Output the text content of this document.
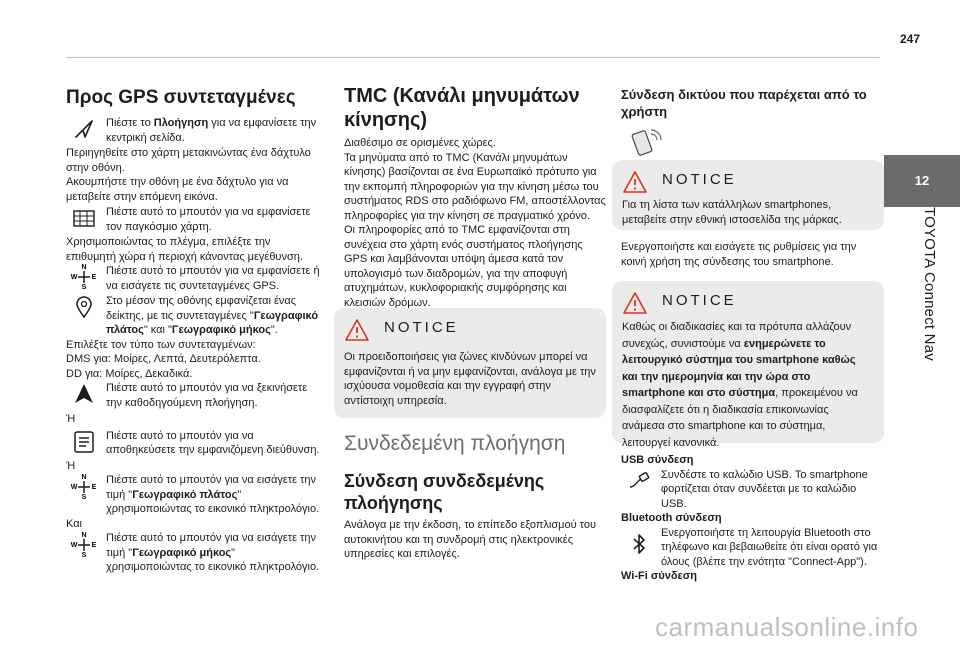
247
12
TOYOTA Connect Nav
Προς GPS συντεταγμένες

Πιέστε το Πλοήγηση για να εμφανίσετε την κεντρική σελίδα.

Περιηγηθείτε στο χάρτη μετακινώντας ένα δάχτυλο στην οθόνη.

Ακουμπήστε την οθόνη με ένα δάχτυλο για να μεταβείτε στην επόμενη εικόνα.

Πιέστε αυτό το μπουτόν για να εμφανίσετε τον παγκόσμιο χάρτη.

Χρησιμοποιώντας το πλέγμα, επιλέξτε την επιθυμητή χώρα ή περιοχή κάνοντας μεγέθυνση.

N
W E
S

Πιέστε αυτό το μπουτόν για να εμφανίσετε ή να εισάγετε τις συντεταγμένες GPS.

Στο μέσον της οθόνης εμφανίζεται ένας δείκτης, με τις συντεταγμένες "Γεωγραφικό πλάτος" και "Γεωγραφικό μήκος".

Επιλέξτε τον τύπο των συντεταγμένων:

DMS για: Μοίρες, Λεπτά, Δευτερόλεπτα.

DD για: Μοίρες, Δεκαδικά.

Πιέστε αυτό το μπουτόν για να ξεκινήσετε την καθοδηγούμενη πλοήγηση.

Ή

Πιέστε αυτό το μπουτόν για να αποθηκεύσετε την εμφανιζόμενη διεύθυνση.

Ή

N
W E
S

Πιέστε αυτό το μπουτόν για να εισάγετε την τιμή "Γεωγραφικό πλάτος" χρησιμοποιώντας το εικονικό πληκτρολόγιο.

Και

N
W E
S

Πιέστε αυτό το μπουτόν για να εισάγετε την τιμή "Γεωγραφικό μήκος" χρησιμοποιώντας το εικονικό πληκτρολόγιο.

TMC (Κανάλι μηνυμάτων κίνησης)

Διαθέσιμο σε ορισμένες χώρες.

Τα μηνύματα από το TMC (Κανάλι μηνυμάτων κίνησης) βασίζονται σε ένα Ευρωπαϊκό πρότυπο για την εκπομπή πληροφοριών για την κίνηση μέσω του συστήματος RDS στο ραδιόφωνο FM, αποστέλλοντας πληροφορίες για την κίνηση σε πραγματικό χρόνο.

Οι πληροφορίες από το TMC εμφανίζονται στη συνέχεια στο χάρτη ενός συστήματος πλοήγησης GPS και λαμβάνονται υπόψη άμεσα κατά τον υπολογισμό των διαδρομών, για την αποφυγή ατυχημάτων, κυκλοφοριακής συμφόρησης και κλεισιών δρόμων.

NOTICE

Οι προειδοποιήσεις για ζώνες κινδύνων μπορεί να εμφανίζονται ή να μην εμφανίζονται, ανάλογα με την ισχύουσα νομοθεσία και την εγγραφή στην αντίστοιχη υπηρεσία.

Συνδεδεμένη πλοήγηση
Σύνδεση συνδεδεμένης πλοήγησης

Ανάλογα με την έκδοση, το επίπεδο εξοπλισμού του αυτοκινήτου και τη συνδρομή στις ηλεκτρονικές υπηρεσίες και επιλογές.

Σύνδεση δικτύου που παρέχεται από το χρήστη
NOTICE

Για τη λίστα των κατάλληλων smartphones, μεταβείτε στην εθνική ιστοσελίδα της μάρκας.

Ενεργοποιήστε και εισάγετε τις ρυθμίσεις για την κοινή χρήση της σύνδεσης του smartphone.

NOTICE

Καθώς οι διαδικασίες και τα πρότυπα αλλάζουν συνεχώς, συνιστούμε να ενημερώνετε το λειτουργικό σύστημα του smartphone καθώς και την ημερομηνία και την ώρα στο smartphone και στο σύστημα, προκειμένου να διασφαλίζετε ότι η διαδικασία επικοινωνίας ανάμεσα στο smartphone και το σύστημα, λειτουργεί κανονικά.

USB σύνδεση

Συνδέστε το καλώδιο USB. Το smartphone φορτίζεται όταν συνδέεται με το καλώδιο USB.

Bluetooth σύνδεση

Ενεργοποιήστε τη λειτουργία Bluetooth στο τηλέφωνο και βεβαιωθείτε ότι είναι ορατό για όλους (βλέπε την ενότητα "Connect-App").

Wi-Fi σύνδεση
carmanualsonline.info
